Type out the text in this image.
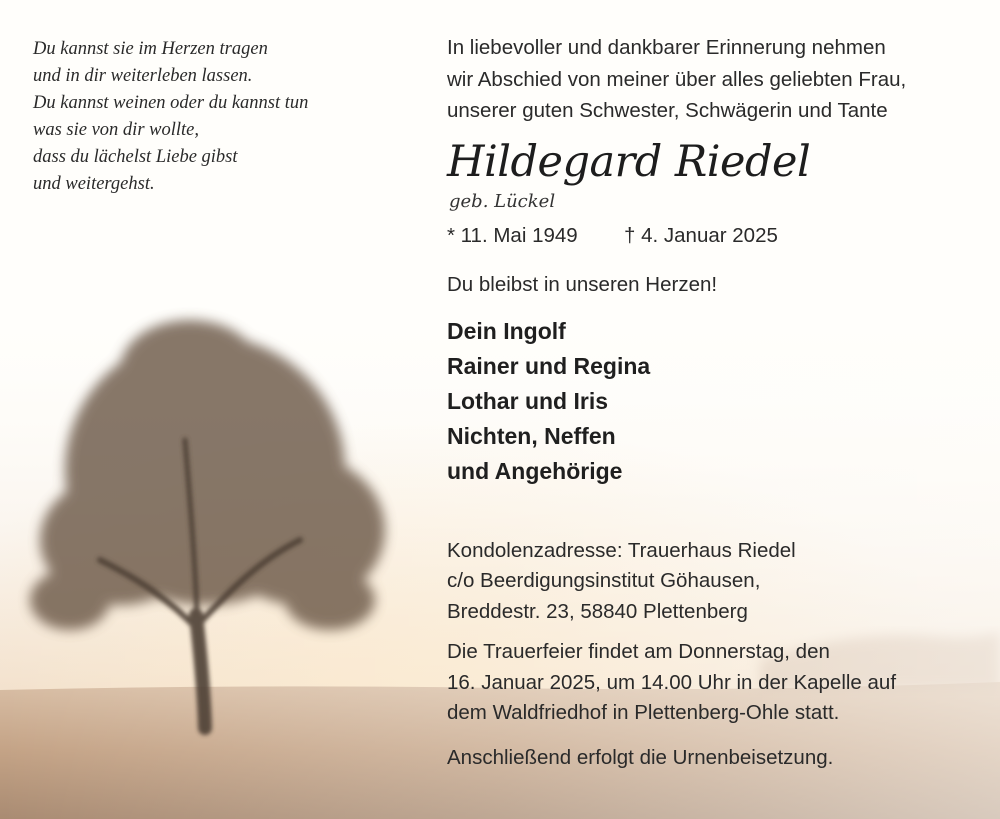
Du kannst sie im Herzen tragen
und in dir weiterleben lassen.
Du kannst weinen oder du kannst tun
was sie von dir wollte,
dass du lächelst Liebe gibst
und weitergehst.
In liebevoller und dankbarer Erinnerung nehmen
wir Abschied von meiner über alles geliebten Frau,
unserer guten Schwester, Schwägerin und Tante
Hildegard Riedel
geb. Lückel
* 11. Mai 1949 † 4. Januar 2025
Du bleibst in unseren Herzen!
Dein Ingolf
Rainer und Regina
Lothar und Iris
Nichten, Neffen
und Angehörige
Kondolenzadresse: Trauerhaus Riedel
c/o Beerdigungsinstitut Göhausen,
Breddestr. 23, 58840 Plettenberg
Die Trauerfeier findet am Donnerstag, den
16. Januar 2025, um 14.00 Uhr in der Kapelle auf
dem Waldfriedhof in Plettenberg-Ohle statt.
Anschließend erfolgt die Urnenbeisetzung.
